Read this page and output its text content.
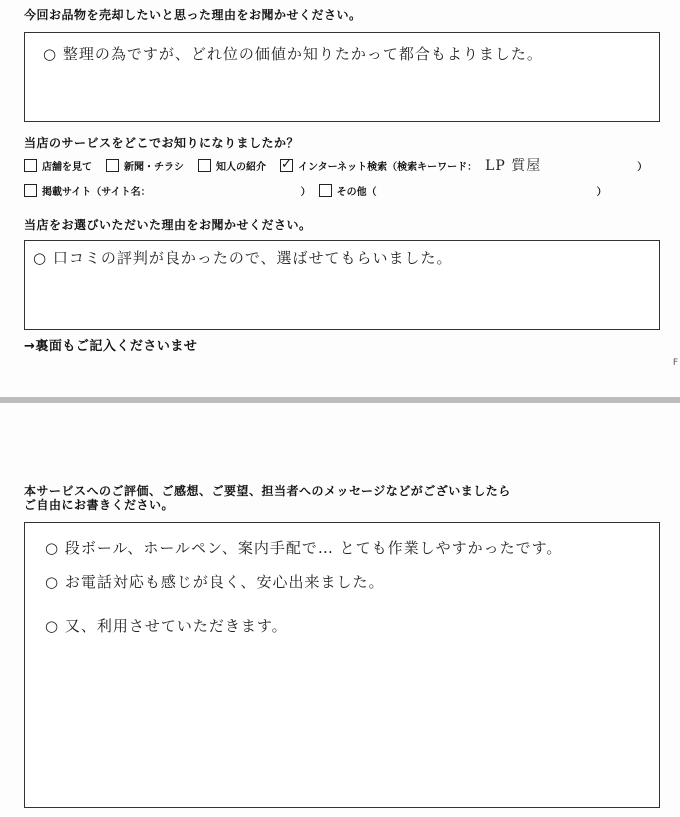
今回お品物を売却したいと思った理由をお聞かせください。
○ 整理の為ですが、どれ位の価値か知りたかって都合もよりました。
当店のサービスをどこでお知りになりましたか？
店舗を見て	新聞・チラシ	知人の紹介
✓	インターネット検索（検索キーワード： LP 質屋	）
掲載サイト（サイト名：	）	その他（	）
当店をお選びいただいた理由をお聞かせください。
○ 口コミの評判が良かったので、選ばせてもらいました。
→裏面もご記入くださいませ
F
本サービスへのご評価、ご感想、ご要望、担当者へのメッセージなどがございましたら
ご自由にお書きください。
○ 段ボール、ホールペン、案内手配で… とても作業しやすかったです。
○ お電話対応も感じが良く、安心出来ました。
○ 又、利用させていただきます。
